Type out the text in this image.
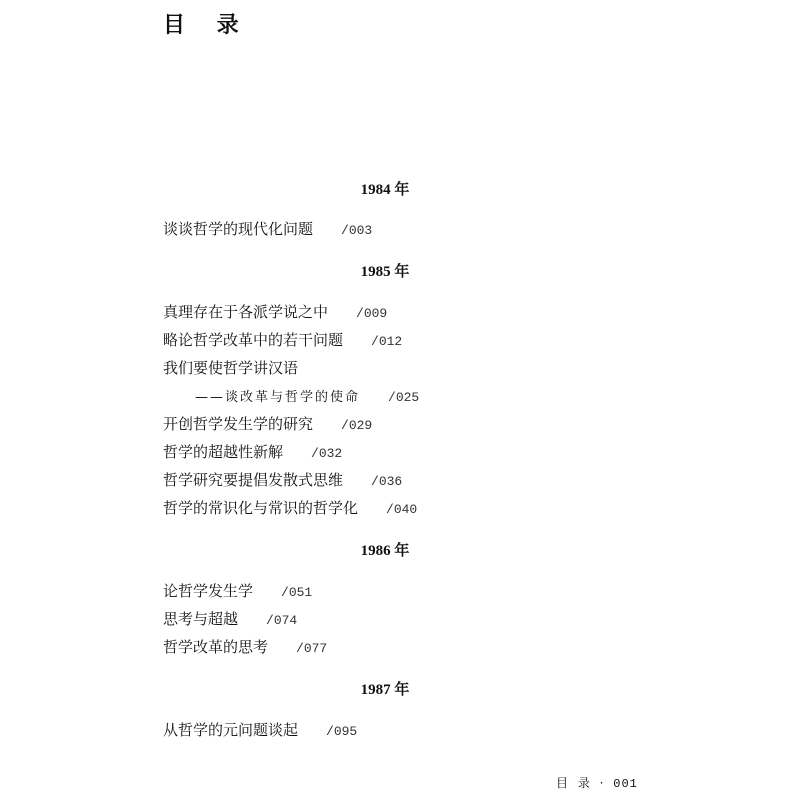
目 录
1984 年
谈谈哲学的现代化问题 /003
1985 年
真理存在于各派学说之中 /009
略论哲学改革中的若干问题 /012
我们要使哲学讲汉语
——谈改革与哲学的使命 /025
开创哲学发生学的研究 /029
哲学的超越性新解 /032
哲学研究要提倡发散式思维 /036
哲学的常识化与常识的哲学化 /040
1986 年
论哲学发生学 /051
思考与超越 /074
哲学改革的思考 /077
1987 年
从哲学的元问题谈起 /095
目 录 · 001
